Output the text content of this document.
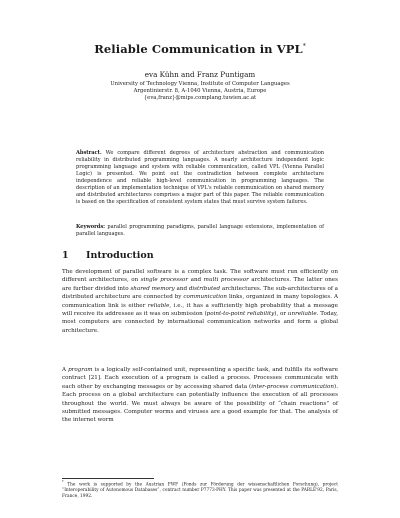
Reliable Communication in VPL*
eva Kühn and Franz Puntigam
University of Technology Vienna, Institute of Computer Languages
Argentinierstr. 8, A-1040 Vienna, Austria, Europe
{eva,franz}@mips.complang.tuwien.ac.at
Abstract. We compare different degrees of architecture abstraction and communication reliability in distributed programming languages. A nearly architecture independent logic programming language and system with reliable communication, called VPL (Vienna Parallel Logic) is presented. We point out the contradiction between complete architecture independence and reliable high-level communication in programming languages. The description of an implementation technique of VPL's reliable communication on shared memory and distributed architectures comprises a major part of this paper. The reliable communication is based on the specification of consistent system states that must survive system failures.
Keywords: parallel programming paradigms, parallel language extensions, implementation of parallel languages.
1 Introduction
The development of parallel software is a complex task. The software must run efficiently on different architectures, on single processor and multi processor architectures. The latter ones are further divided into shared memory and distributed architectures. The sub-architectures of a distributed architecture are connected by communication links, organized in many topologies. A communication link is either reliable, i.e., it has a sufficiently high probability that a message will receive its addressee as it was on submission (point-to-point reliability), or unreliable. Today, most computers are connected by international communication networks and form a global architecture.
A program is a logically self-contained unit, representing a specific task, and fulfills its software contract [21]. Each execution of a program is called a process. Processes communicate with each other by exchanging messages or by accessing shared data (inter-process communication). Each process on a global architecture can potentially influence the execution of all processes throughout the world. We must always be aware of the possibility of “chain reactions” of submitted messages. Computer worms and viruses are a good example for that. The analysis of the internet worm
* The work is supported by the Austrian FWF (Fonds zur Förderung der wissenschaftlichen Forschung), project “Interoperability of Autonomous Databases”, contract number P7773-PHY. This paper was presented at the PARLE'92, Paris, France, 1992.
